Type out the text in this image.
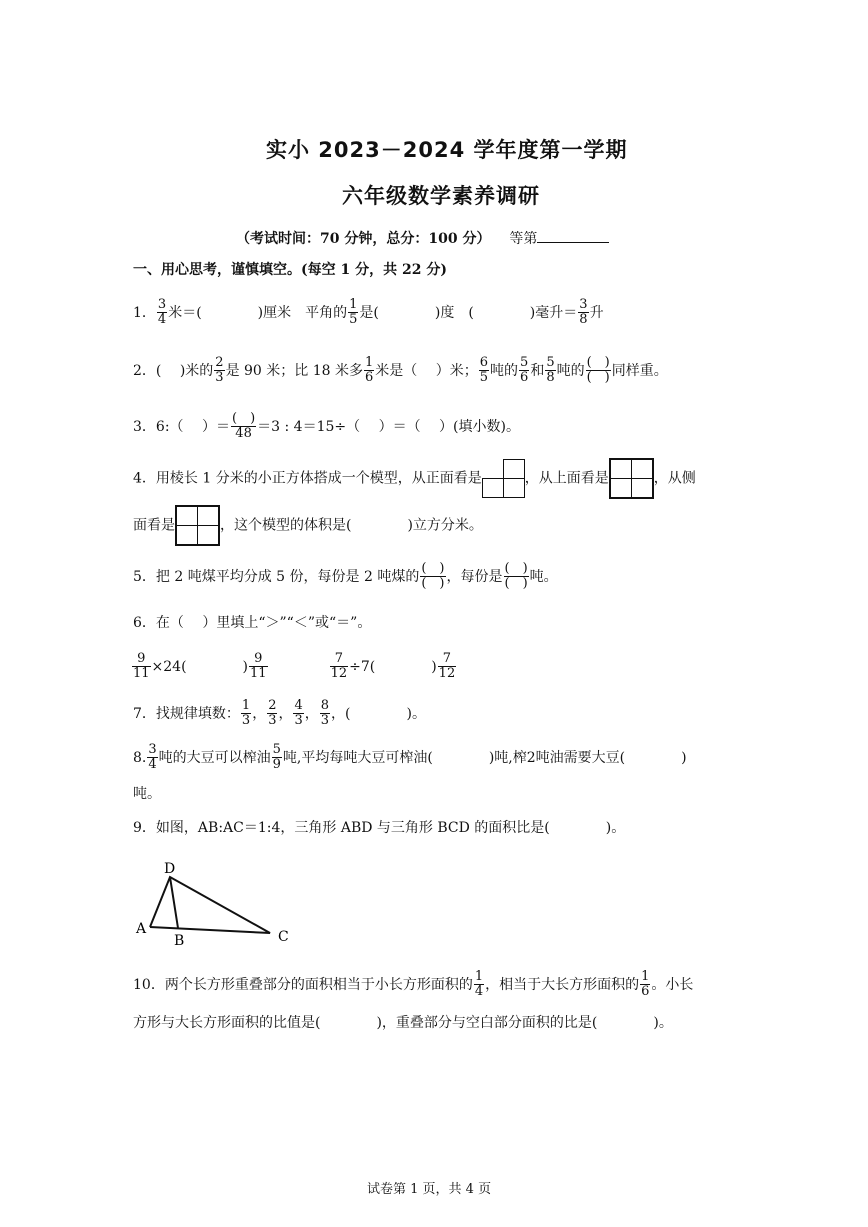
实小 2023－2024 学年度第一学期
六年级数学素养调研
（考试时间：70 分钟，总分：100 分） 等第
一、用心思考，谨慎填空。(每空 1 分，共 22 分)
1． $\frac{3}{4}$ 米＝(　　　　)厘米　平角的 $\frac{1}{5}$ 是(　　　　)度　(　　　　)毫升＝ $\frac{3}{8}$ 升
2．(　 )米的 $\frac{2}{3}$ 是 90 米；比 18 米多 $\frac{1}{6}$ 米是（　 ）米； $\frac{6}{5}$ 吨的 $\frac{5}{6}$ 和 $\frac{5}{8}$ 吨的
(　)
(　) 同样重。
3．6:（　 ）＝
(　)
48 ＝3 : 4＝15÷（　 ）＝（　 ）(填小数)。
4．用棱长 1 分米的小正方体搭成一个模型，从正面看是

		，从上面看是

		，从侧
面看是

		，这个模型的体积是(　　　　)立方分米。
5．把 2 吨煤平均分成 5 份，每份是 2 吨煤的
(　)
(　) ，每份是
(　)
(　) 吨。
6．在（　 ）里填上“＞”“＜”或“＝”。
$\frac{9}{11} \times 24$(　　　　) $\frac{9}{11}$	$\frac{7}{12} \div 7$(　　　　) $\frac{7}{12}$
7．找规律填数： $\frac{1}{3}$ ， $\frac{2}{3}$ ， $\frac{4}{3}$ ， $\frac{8}{3}$ ，(　　　　)。
8. $\frac{3}{4}$ 吨的大豆可以榨油 $\frac{5}{9}$ 吨,平均每吨大豆可榨油(　　　　)吨,榨2吨油需要大豆(　　　　)
吨。
9．如图，AB:AC＝1:4，三角形 ABD 与三角形 BCD 的面积比是(　　　　)。
D
A
B	C
10．两个长方形重叠部分的面积相当于小长方形面积的 $\frac{1}{4}$ ，相当于大长方形面积的 $\frac{1}{6}$ 。小长
方形与大长方形面积的比值是(　　　　)，重叠部分与空白部分面积的比是(　　　　)。
试卷第 1 页，共 4 页
